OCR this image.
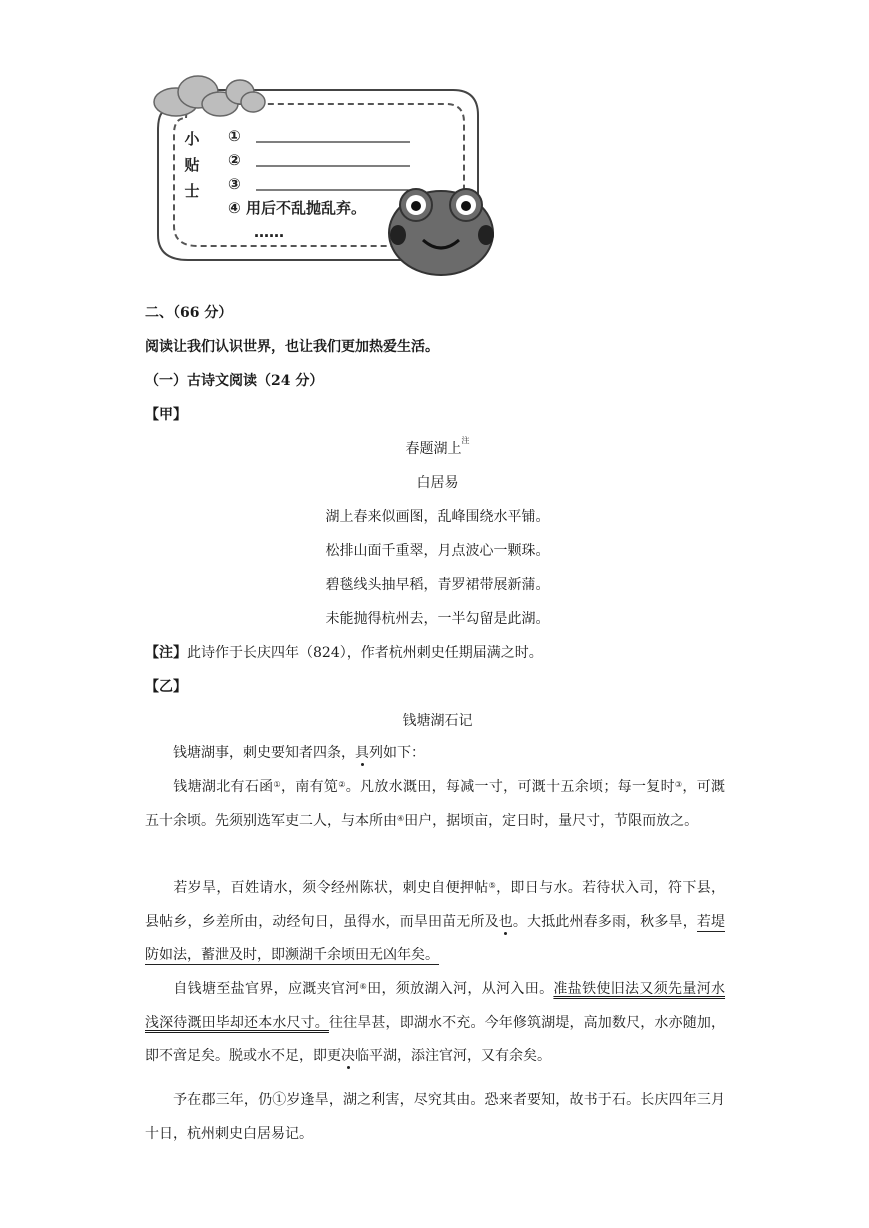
小
贴
士
①
②
③
④ 用后不乱抛乱弃。
……
二、（66 分）
阅读让我们认识世界，也让我们更加热爱生活。
（一）古诗文阅读（24 分）
【甲】
春题湖上$^注$
白居易
湖上春来似画图，乱峰围绕水平铺。
松排山面千重翠，月点波心一颗珠。
碧毯线头抽早稻，青罗裙带展新蒲。
未能抛得杭州去，一半勾留是此湖。
【注】此诗作于长庆四年（824），作者杭州刺史任期届满之时。
【乙】
钱塘湖石记
钱塘湖事，刺史要知者四条，具列如下：
钱塘湖北有石函①，南有笕②。凡放水溉田，每减一寸，可溉十五余顷；每一复时③，可溉五十余顷。先须别选军吏二人，与本所由④田户，据顷亩，定日时，量尺寸，节限而放之。
若岁旱，百姓请水，须令经州陈状，刺史自便押帖⑤，即日与水。若待状入司，符下县，县帖乡，乡差所由，动经旬日，虽得水，而旱田苗无所及也。大抵此州春多雨，秋多旱，若堤防如法，蓄泄及时，即濒湖千余顷田无凶年矣。
自钱塘至盐官界，应溉夹官河⑥田，须放湖入河，从河入田。准盐铁使旧法又须先量河水浅深待溉田毕却还本水尺寸。往往旱甚，即湖水不充。今年修筑湖堤，高加数尺，水亦随加，即不啻足矣。脱或水不足，即更决临平湖，添注官河，又有余矣。
予在郡三年，仍①岁逢旱，湖之利害，尽究其由。恐来者要知，故书于石。长庆四年三月十日，杭州刺史白居易记。
